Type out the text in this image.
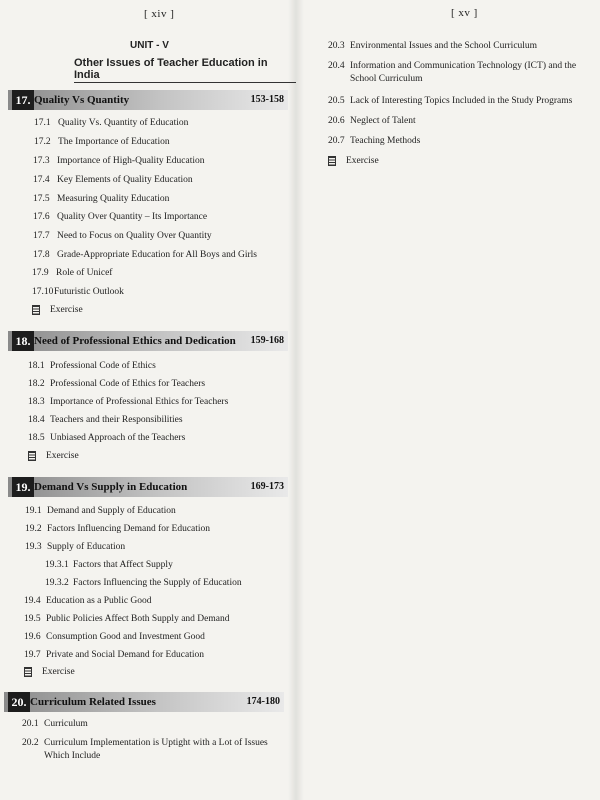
[ xiv ]
UNIT - V
Other Issues of Teacher Education in India
17. Quality Vs Quantity	153-158
17.1 Quality Vs. Quantity of Education
17.2 The Importance of Education
17.3 Importance of High-Quality Education
17.4 Key Elements of Quality Education
17.5 Measuring Quality Education
17.6 Quality Over Quantity – Its Importance
17.7 Need to Focus on Quality Over Quantity
17.8 Grade-Appropriate Education for All Boys and Girls
17.9 Role of Unicef
17.10Futuristic Outlook
Exercise
18. Need of Professional Ethics and Dedication 159-168
18.1 Professional Code of Ethics
18.2 Professional Code of Ethics for Teachers
18.3 Importance of Professional Ethics for Teachers
18.4 Teachers and their Responsibilities
18.5 Unbiased Approach of the Teachers
Exercise
19. Demand Vs Supply in Education	169-173
19.1 Demand and Supply of Education
19.2 Factors Influencing Demand for Education
19.3 Supply of Education
19.3.1 Factors that Affect Supply
19.3.2 Factors Influencing the Supply of Education
19.4 Education as a Public Good
19.5 Public Policies Affect Both Supply and Demand
19.6 Consumption Good and Investment Good
19.7 Private and Social Demand for Education
Exercise
20. Curriculum Related Issues	174-180
20.1 Curriculum
20.2 Curriculum Implementation is Uptight with a Lot of Issues
Which Include
[ xv ]
20.3 Environmental Issues and the School Curriculum
20.4 Information and Communication Technology (ICT) and the
School Curriculum
20.5 Lack of Interesting Topics Included in the Study Programs
20.6 Neglect of Talent
20.7 Teaching Methods
Exercise
